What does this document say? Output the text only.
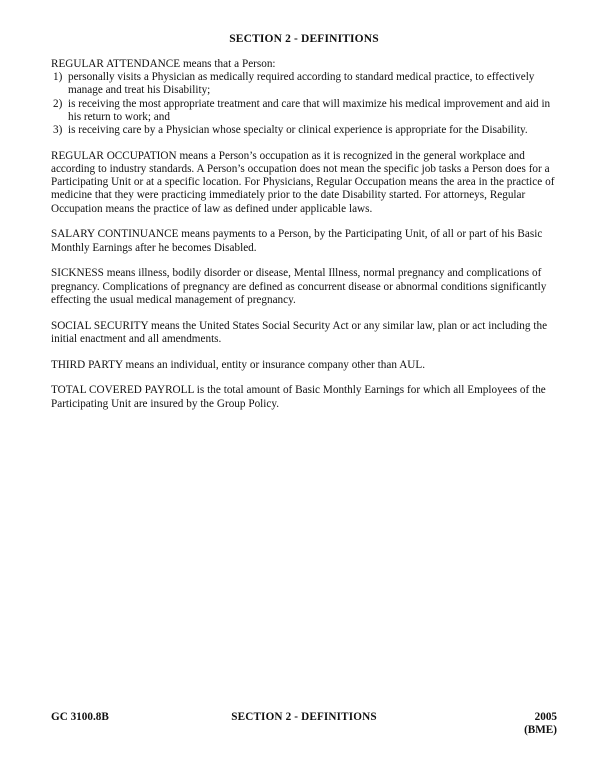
SECTION 2 - DEFINITIONS

REGULAR ATTENDANCE means that a Person:

1) personally visits a Physician as medically required according to standard medical practice, to effectively manage and treat his Disability;
2) is receiving the most appropriate treatment and care that will maximize his medical improvement and aid in his return to work; and
3) is receiving care by a Physician whose specialty or clinical experience is appropriate for the Disability.

REGULAR OCCUPATION means a Person’s occupation as it is recognized in the general workplace and according to industry standards. A Person’s occupation does not mean the specific job tasks a Person does for a Participating Unit or at a specific location. For Physicians, Regular Occupation means the area in the practice of medicine that they were practicing immediately prior to the date Disability started. For attorneys, Regular Occupation means the practice of law as defined under applicable laws.

SALARY CONTINUANCE means payments to a Person, by the Participating Unit, of all or part of his Basic Monthly Earnings after he becomes Disabled.

SICKNESS means illness, bodily disorder or disease, Mental Illness, normal pregnancy and complications of pregnancy. Complications of pregnancy are defined as concurrent disease or abnormal conditions significantly effecting the usual medical management of pregnancy.

SOCIAL SECURITY means the United States Social Security Act or any similar law, plan or act including the initial enactment and all amendments.

THIRD PARTY means an individual, entity or insurance company other than AUL.

TOTAL COVERED PAYROLL is the total amount of Basic Monthly Earnings for which all Employees of the Participating Unit are insured by the Group Policy.

GC 3100.8B	SECTION 2 - DEFINITIONS	2005
(BME)
